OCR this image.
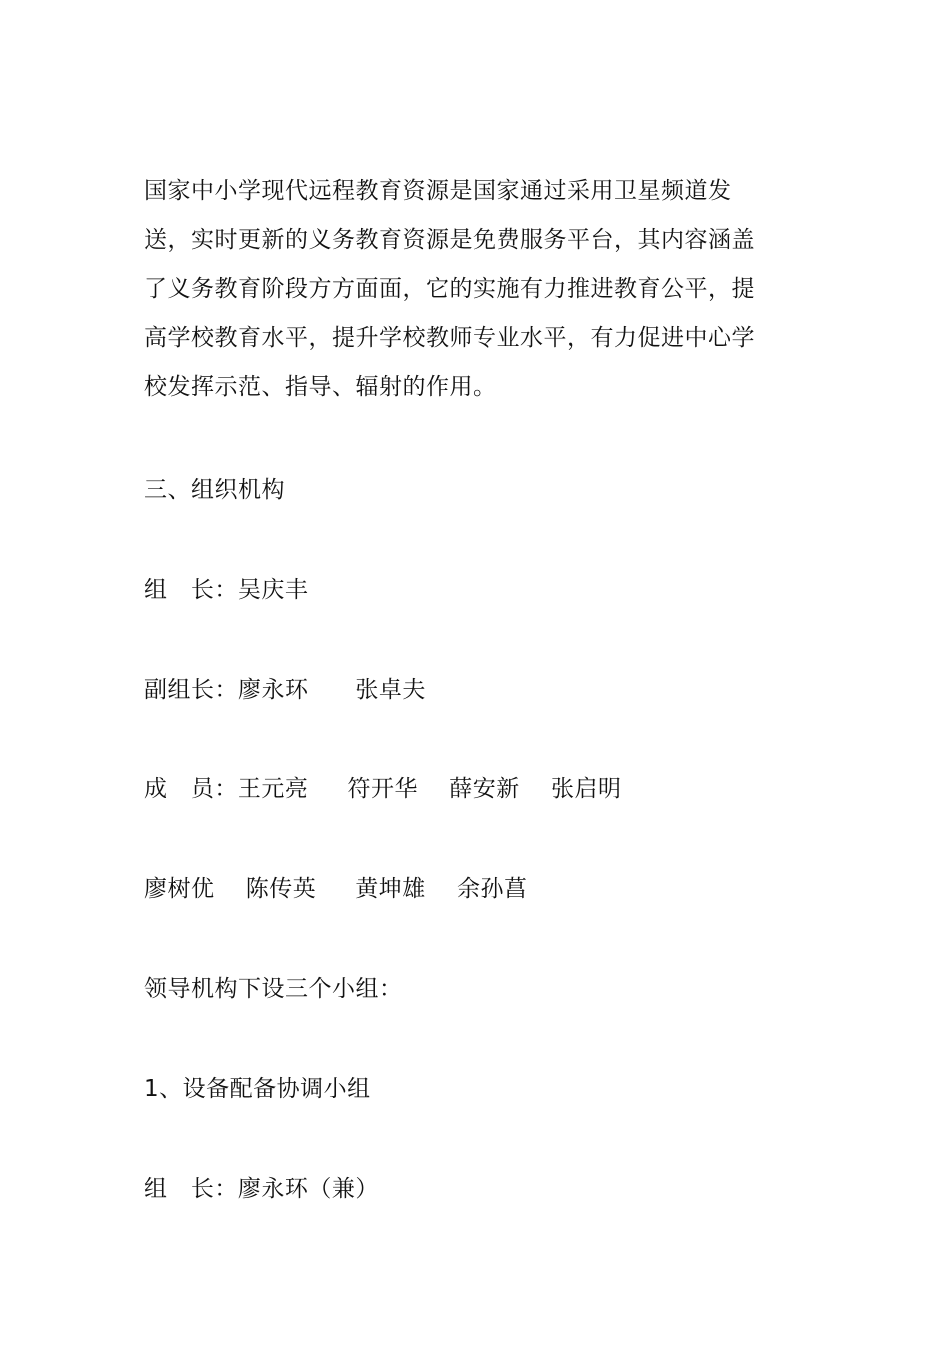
国家中小学现代远程教育资源是国家通过采用卫星频道发
送，实时更新的义务教育资源是免费服务平台，其内容涵盖
了义务教育阶段方方面面，它的实施有力推进教育公平，提
高学校教育水平，提升学校教师专业水平，有力促进中心学
校发挥示范、指导、辐射的作用。
三、组织机构
组   长：吴庆丰
副组长：廖永环      张卓夫
成   员：王元亮     符开华    薛安新    张启明
廖树优    陈传英     黄坤雄    余孙菖
领导机构下设三个小组：
1、设备配备协调小组
组   长：廖永环（兼）
